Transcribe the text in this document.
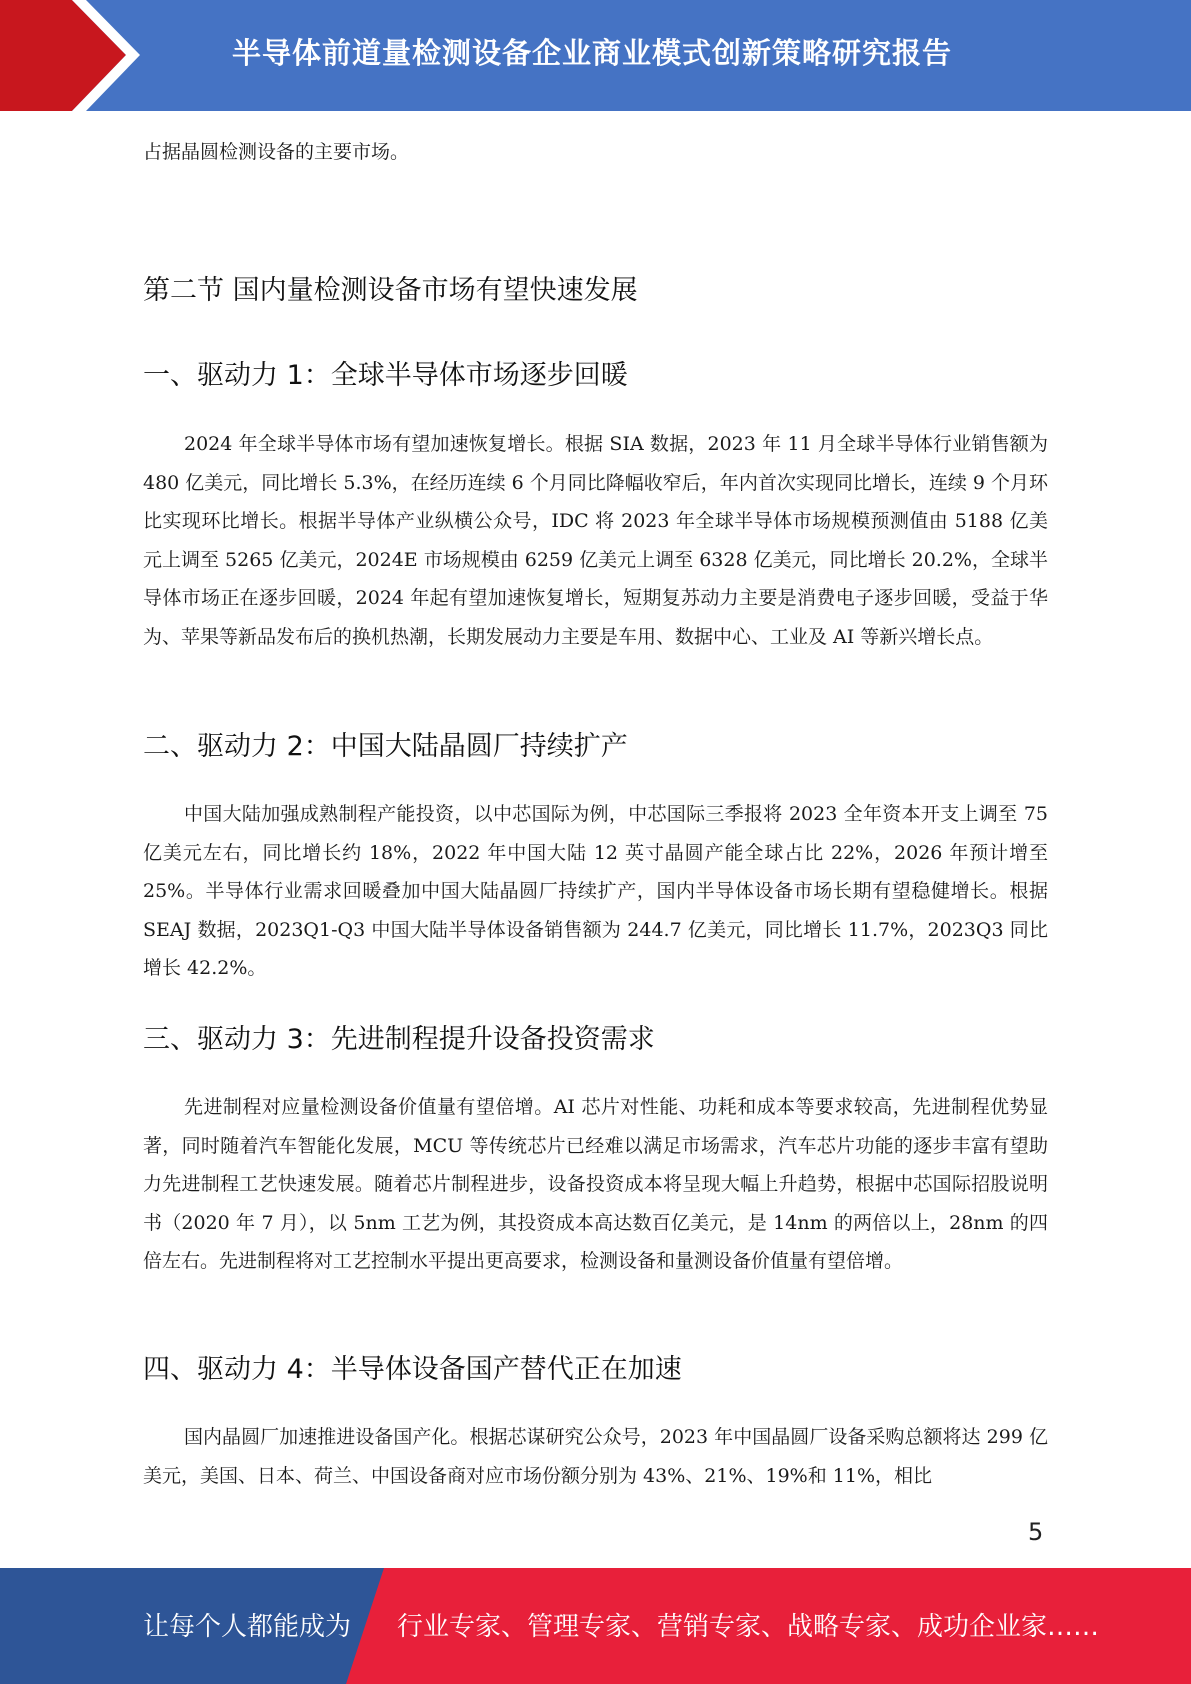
半导体前道量检测设备企业商业模式创新策略研究报告

占据晶圆检测设备的主要市场。

第二节 国内量检测设备市场有望快速发展
一、驱动力 1：全球半导体市场逐步回暖

2024 年全球半导体市场有望加速恢复增长。根据 SIA 数据，2023 年 11 月全球半导体行业销售额为 480 亿美元，同比增长 5.3%，在经历连续 6 个月同比降幅收窄后，年内首次实现同比增长，连续 9 个月环比实现环比增长。根据半导体产业纵横公众号，IDC 将 2023 年全球半导体市场规模预测值由 5188 亿美元上调至 5265 亿美元，2024E 市场规模由 6259 亿美元上调至 6328 亿美元，同比增长 20.2%，全球半导体市场正在逐步回暖，2024 年起有望加速恢复增长，短期复苏动力主要是消费电子逐步回暖，受益于华为、苹果等新品发布后的换机热潮，长期发展动力主要是车用、数据中心、工业及 AI 等新兴增长点。

二、驱动力 2：中国大陆晶圆厂持续扩产

中国大陆加强成熟制程产能投资，以中芯国际为例，中芯国际三季报将 2023 全年资本开支上调至 75 亿美元左右，同比增长约 18%，2022 年中国大陆 12 英寸晶圆产能全球占比 22%，2026 年预计增至 25%。半导体行业需求回暖叠加中国大陆晶圆厂持续扩产，国内半导体设备市场长期有望稳健增长。根据 SEAJ 数据，2023Q1-Q3 中国大陆半导体设备销售额为 244.7 亿美元，同比增长 11.7%，2023Q3 同比增长 42.2%。

三、驱动力 3：先进制程提升设备投资需求

先进制程对应量检测设备价值量有望倍增。AI 芯片对性能、功耗和成本等要求较高，先进制程优势显著，同时随着汽车智能化发展，MCU 等传统芯片已经难以满足市场需求，汽车芯片功能的逐步丰富有望助力先进制程工艺快速发展。随着芯片制程进步，设备投资成本将呈现大幅上升趋势，根据中芯国际招股说明书（2020 年 7 月），以 5nm 工艺为例，其投资成本高达数百亿美元，是 14nm 的两倍以上，28nm 的四倍左右。先进制程将对工艺控制水平提出更高要求，检测设备和量测设备价值量有望倍增。

四、驱动力 4：半导体设备国产替代正在加速

国内晶圆厂加速推进设备国产化。根据芯谋研究公众号，2023 年中国晶圆厂设备采购总额将达 299 亿美元，美国、日本、荷兰、中国设备商对应市场份额分别为 43%、21%、19%和 11%，相比

5
让每个人都能成为 行业专家、管理专家、营销专家、战略专家、成功企业家……
